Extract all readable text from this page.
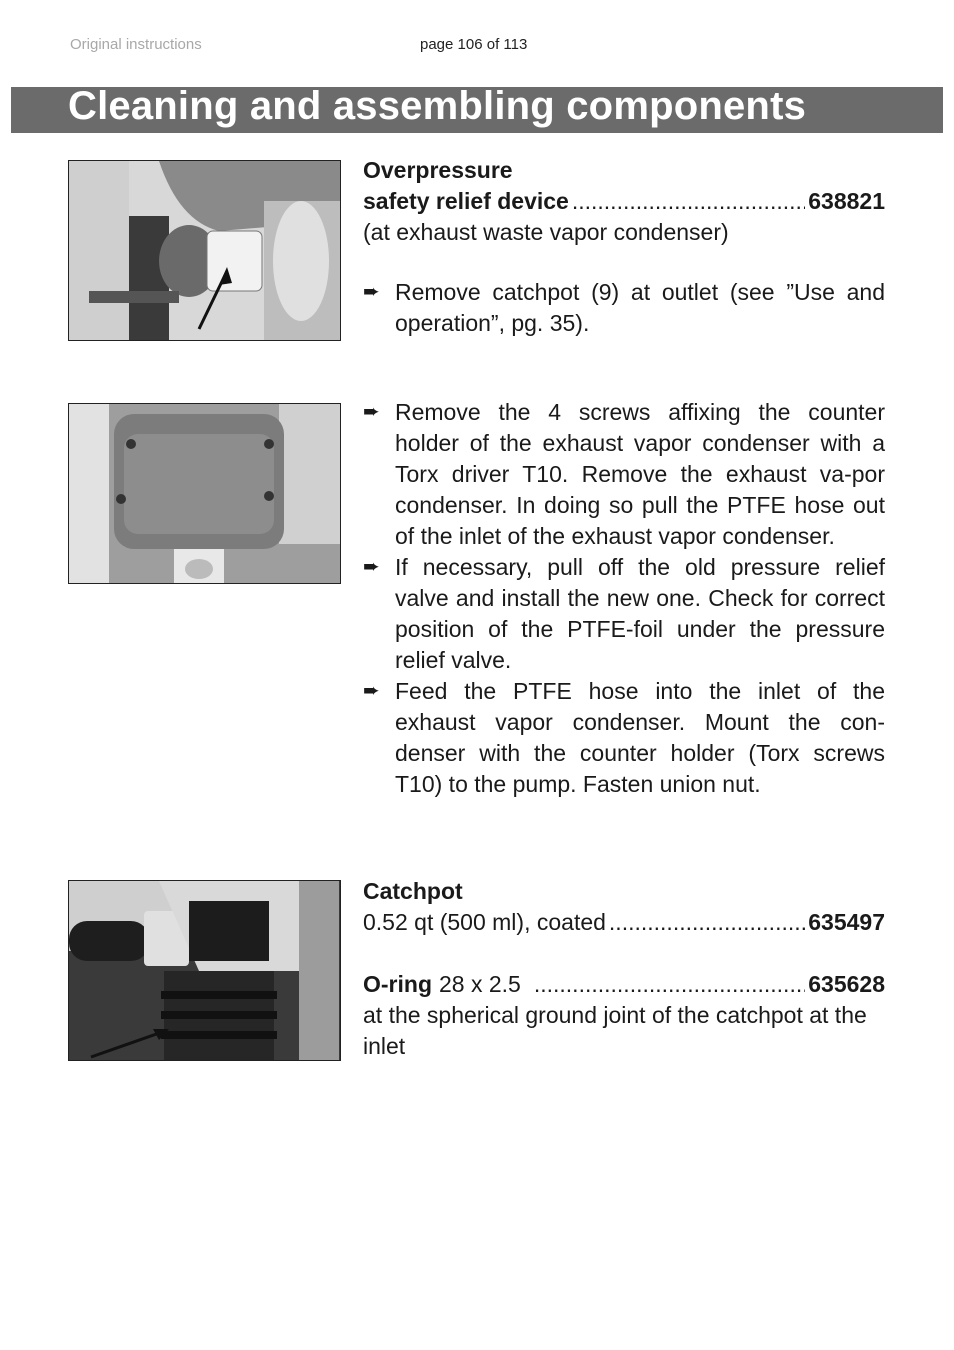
Original instructions	page 106 of 113
Cleaning and assembling components
Overpressure
safety relief device .....	638821
(at exhaust waste vapor condenser)
➨ Remove catchpot (9) at outlet (see ”Use and operation”, pg. 35).
➨ Remove the 4 screws affixing the counter holder of the exhaust vapor condenser with a Torx driver T10. Remove the exhaust va-por condenser. In doing so pull the PTFE hose out of the inlet of the exhaust vapor condenser.
➨ If necessary, pull off the old pressure relief valve and install the new one. Check for correct position of the PTFE-foil under the pressure relief valve.
➨ Feed the PTFE hose into the inlet of the exhaust vapor condenser. Mount the con-denser with the counter holder (Torx screws T10) to the pump. Fasten union nut.
Catchpot
0.52 qt (500 ml), coated .....	635497
O-ring 28 x 2.5 .....	635628
at the spherical ground joint of the catchpot at the inlet
